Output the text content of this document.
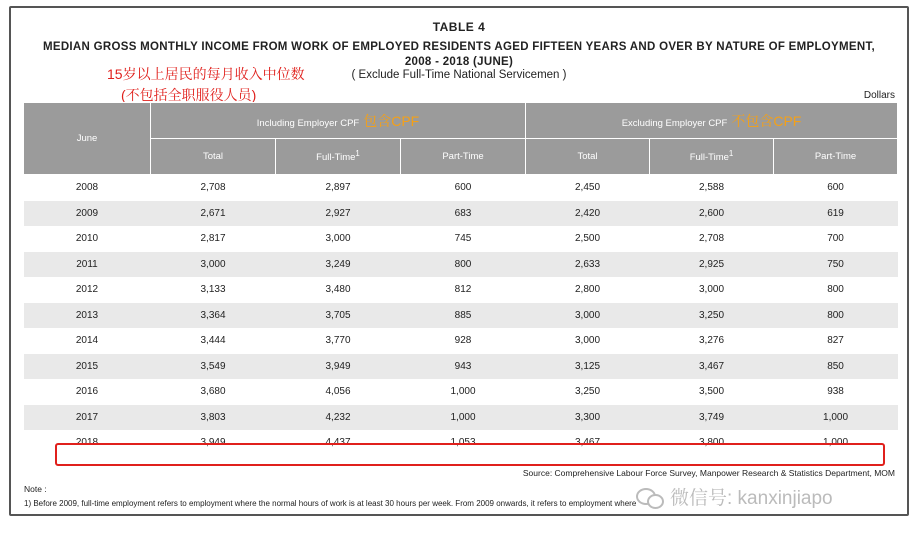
TABLE 4
MEDIAN GROSS MONTHLY INCOME FROM WORK OF EMPLOYED RESIDENTS AGED FIFTEEN YEARS AND OVER BY NATURE OF EMPLOYMENT,
2008 - 2018 (JUNE)
( Exclude Full-Time National Servicemen )
15岁以上居民的每月收入中位数
(不包括全职服役人员)	Dollars
June	Including Employer CPF 包含CPF			Excluding Employer CPF 不包含CPF		
	Total	Full-Time$^1$	Part-Time	Total	Full-Time$^1$	Part-Time
2008	2,708	2,897	600	2,450	2,588	600
2009	2,671	2,927	683	2,420	2,600	619
2010	2,817	3,000	745	2,500	2,708	700
2011	3,000	3,249	800	2,633	2,925	750
2012	3,133	3,480	812	2,800	3,000	800
2013	3,364	3,705	885	3,000	3,250	800
2014	3,444	3,770	928	3,000	3,276	827
2015	3,549	3,949	943	3,125	3,467	850
2016	3,680	4,056	1,000	3,250	3,500	938
2017	3,803	4,232	1,000	3,300	3,749	1,000
2018	3,949	4,437	1,053	3,467	3,800	1,000
Source: Comprehensive Labour Force Survey, Manpower Research & Statistics Department, MOM
Note :
1) Before 2009, full-time employment refers to employment where the normal hours of work is at least 30 hours per week. From 2009 onwards, it refers to employment where 微信号: kanxinjiapo
